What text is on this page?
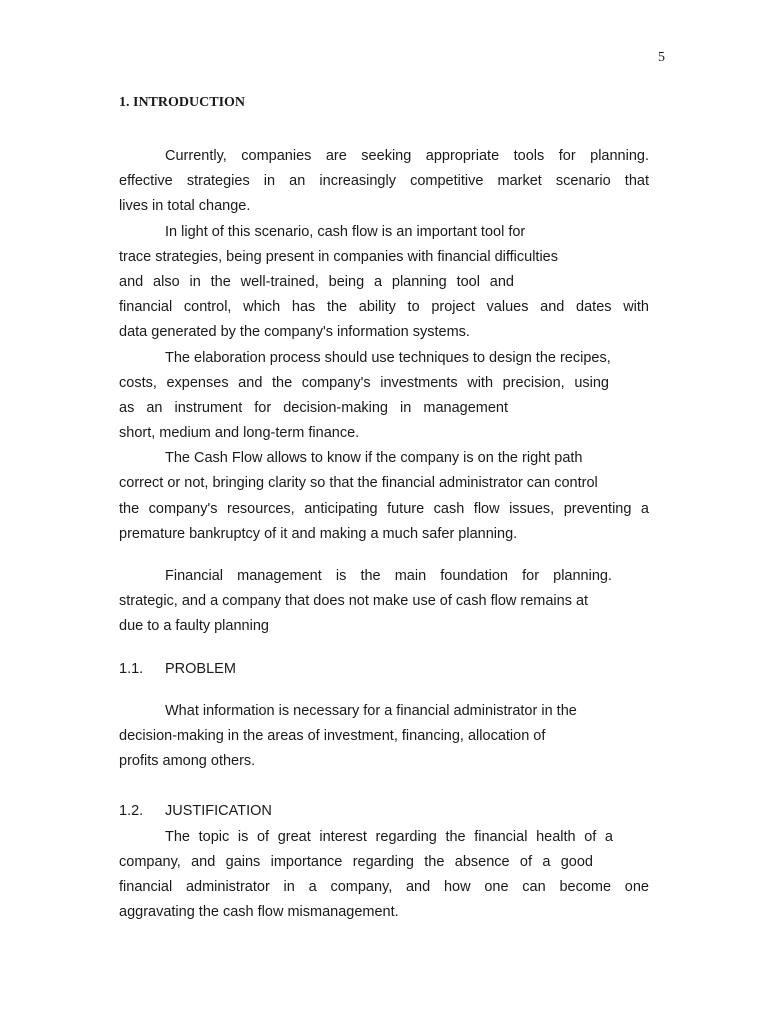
5
1. INTRODUCTION
Currently, companies are seeking appropriate tools for planning.
effective strategies in an increasingly competitive market scenario that
lives in total change.
In light of this scenario, cash flow is an important tool for
trace strategies, being present in companies with financial difficulties
and also in the well-trained, being a planning tool and
financial control, which has the ability to project values and dates with
data generated by the company's information systems.
The elaboration process should use techniques to design the recipes,
costs, expenses and the company's investments with precision, using
as an instrument for decision-making in management
short, medium and long-term finance.
The Cash Flow allows to know if the company is on the right path
correct or not, bringing clarity so that the financial administrator can control
the company's resources, anticipating future cash flow issues, preventing a
premature bankruptcy of it and making a much safer planning.
Financial management is the main foundation for planning.
strategic, and a company that does not make use of cash flow remains at
due to a faulty planning
1.1.	PROBLEM
What information is necessary for a financial administrator in the
decision-making in the areas of investment, financing, allocation of
profits among others.
1.2.	JUSTIFICATION
The topic is of great interest regarding the financial health of a
company, and gains importance regarding the absence of a good
financial administrator in a company, and how one can become one
aggravating the cash flow mismanagement.
